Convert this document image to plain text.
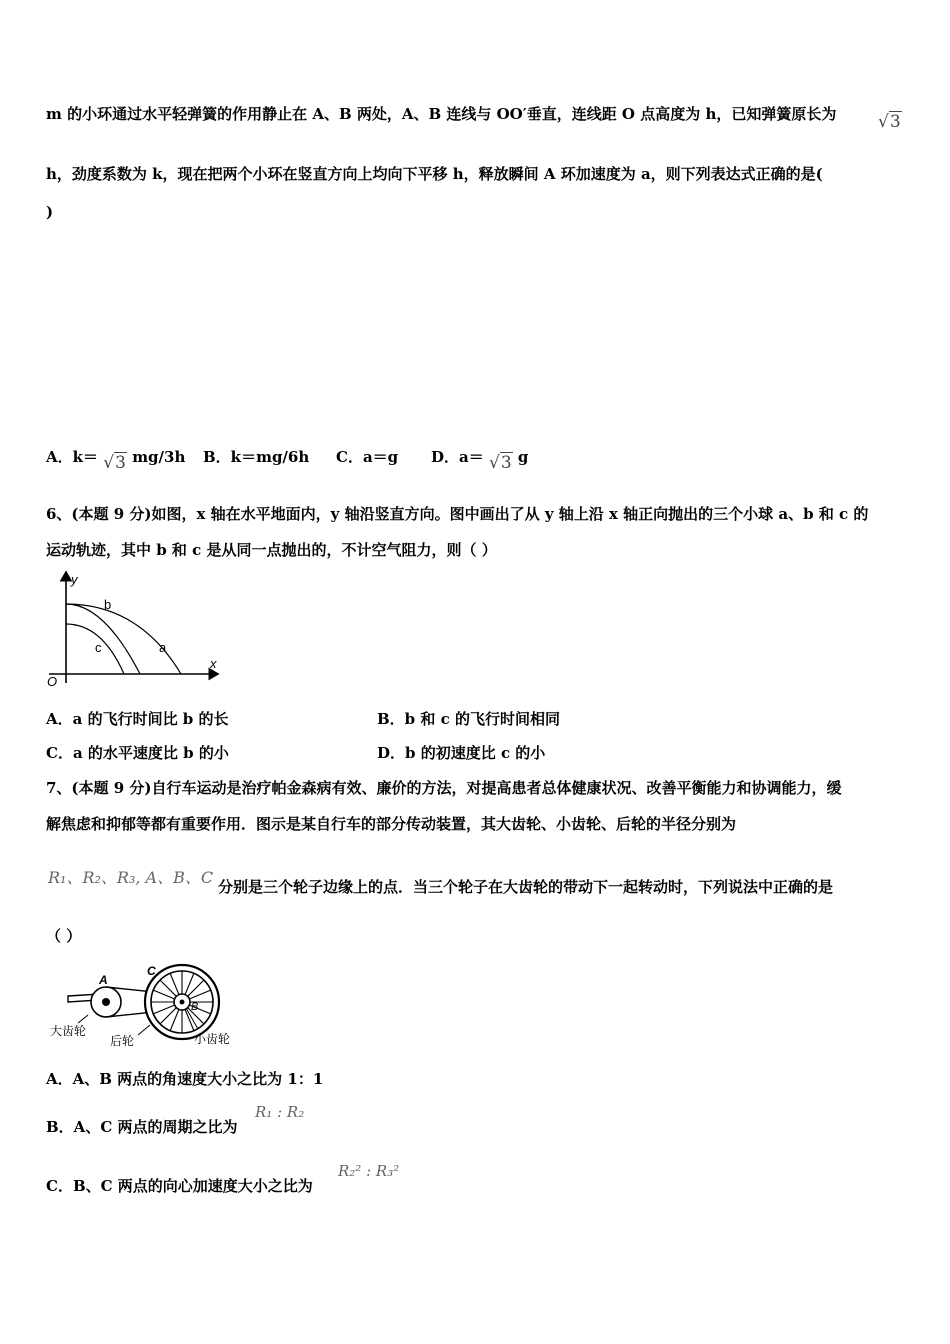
m 的小环通过水平轻弹簧的作用静止在 A、B 两处，A、B 连线与 OO′垂直，连线距 O 点高度为 h，已知弹簧原长为 √3
h，劲度系数为 k，现在把两个小环在竖直方向上均向下平移 h，释放瞬间 A 环加速度为 a，则下列表达式正确的是(
)
A．k＝ √3 mg/3h B．k＝mg/6h C．a＝g D．a＝ √3 g
6、(本题 9 分)如图，x 轴在水平地面内，y 轴沿竖直方向。图中画出了从 y 轴上沿 x 轴正向抛出的三个小球 a、b 和 c 的
运动轨迹，其中 b 和 c 是从同一点抛出的，不计空气阻力，则（ ）
y
x
O
b
c	a
A．a 的飞行时间比 b 的长	B．b 和 c 的飞行时间相同
C．a 的水平速度比 b 的小	D．b 的初速度比 c 的小
7、(本题 9 分)自行车运动是治疗帕金森病有效、廉价的方法，对提高患者总体健康状况、改善平衡能力和协调能力，缓
解焦虑和抑郁等都有重要作用．图示是某自行车的部分传动装置，其大齿轮、小齿轮、后轮的半径分别为
R₁、R₂、R₃, A、B、C 分别是三个轮子边缘上的点．当三个轮子在大齿轮的带动下一起转动时，下列说法中正确的是
（ ）
A
B
C
大齿轮
后轮	小齿轮
A．A、B 两点的角速度大小之比为 1：1
B．A、C 两点的周期之比为
R₁ : R₂
C．B、C 两点的向心加速度大小之比为
R₂² : R₃²
